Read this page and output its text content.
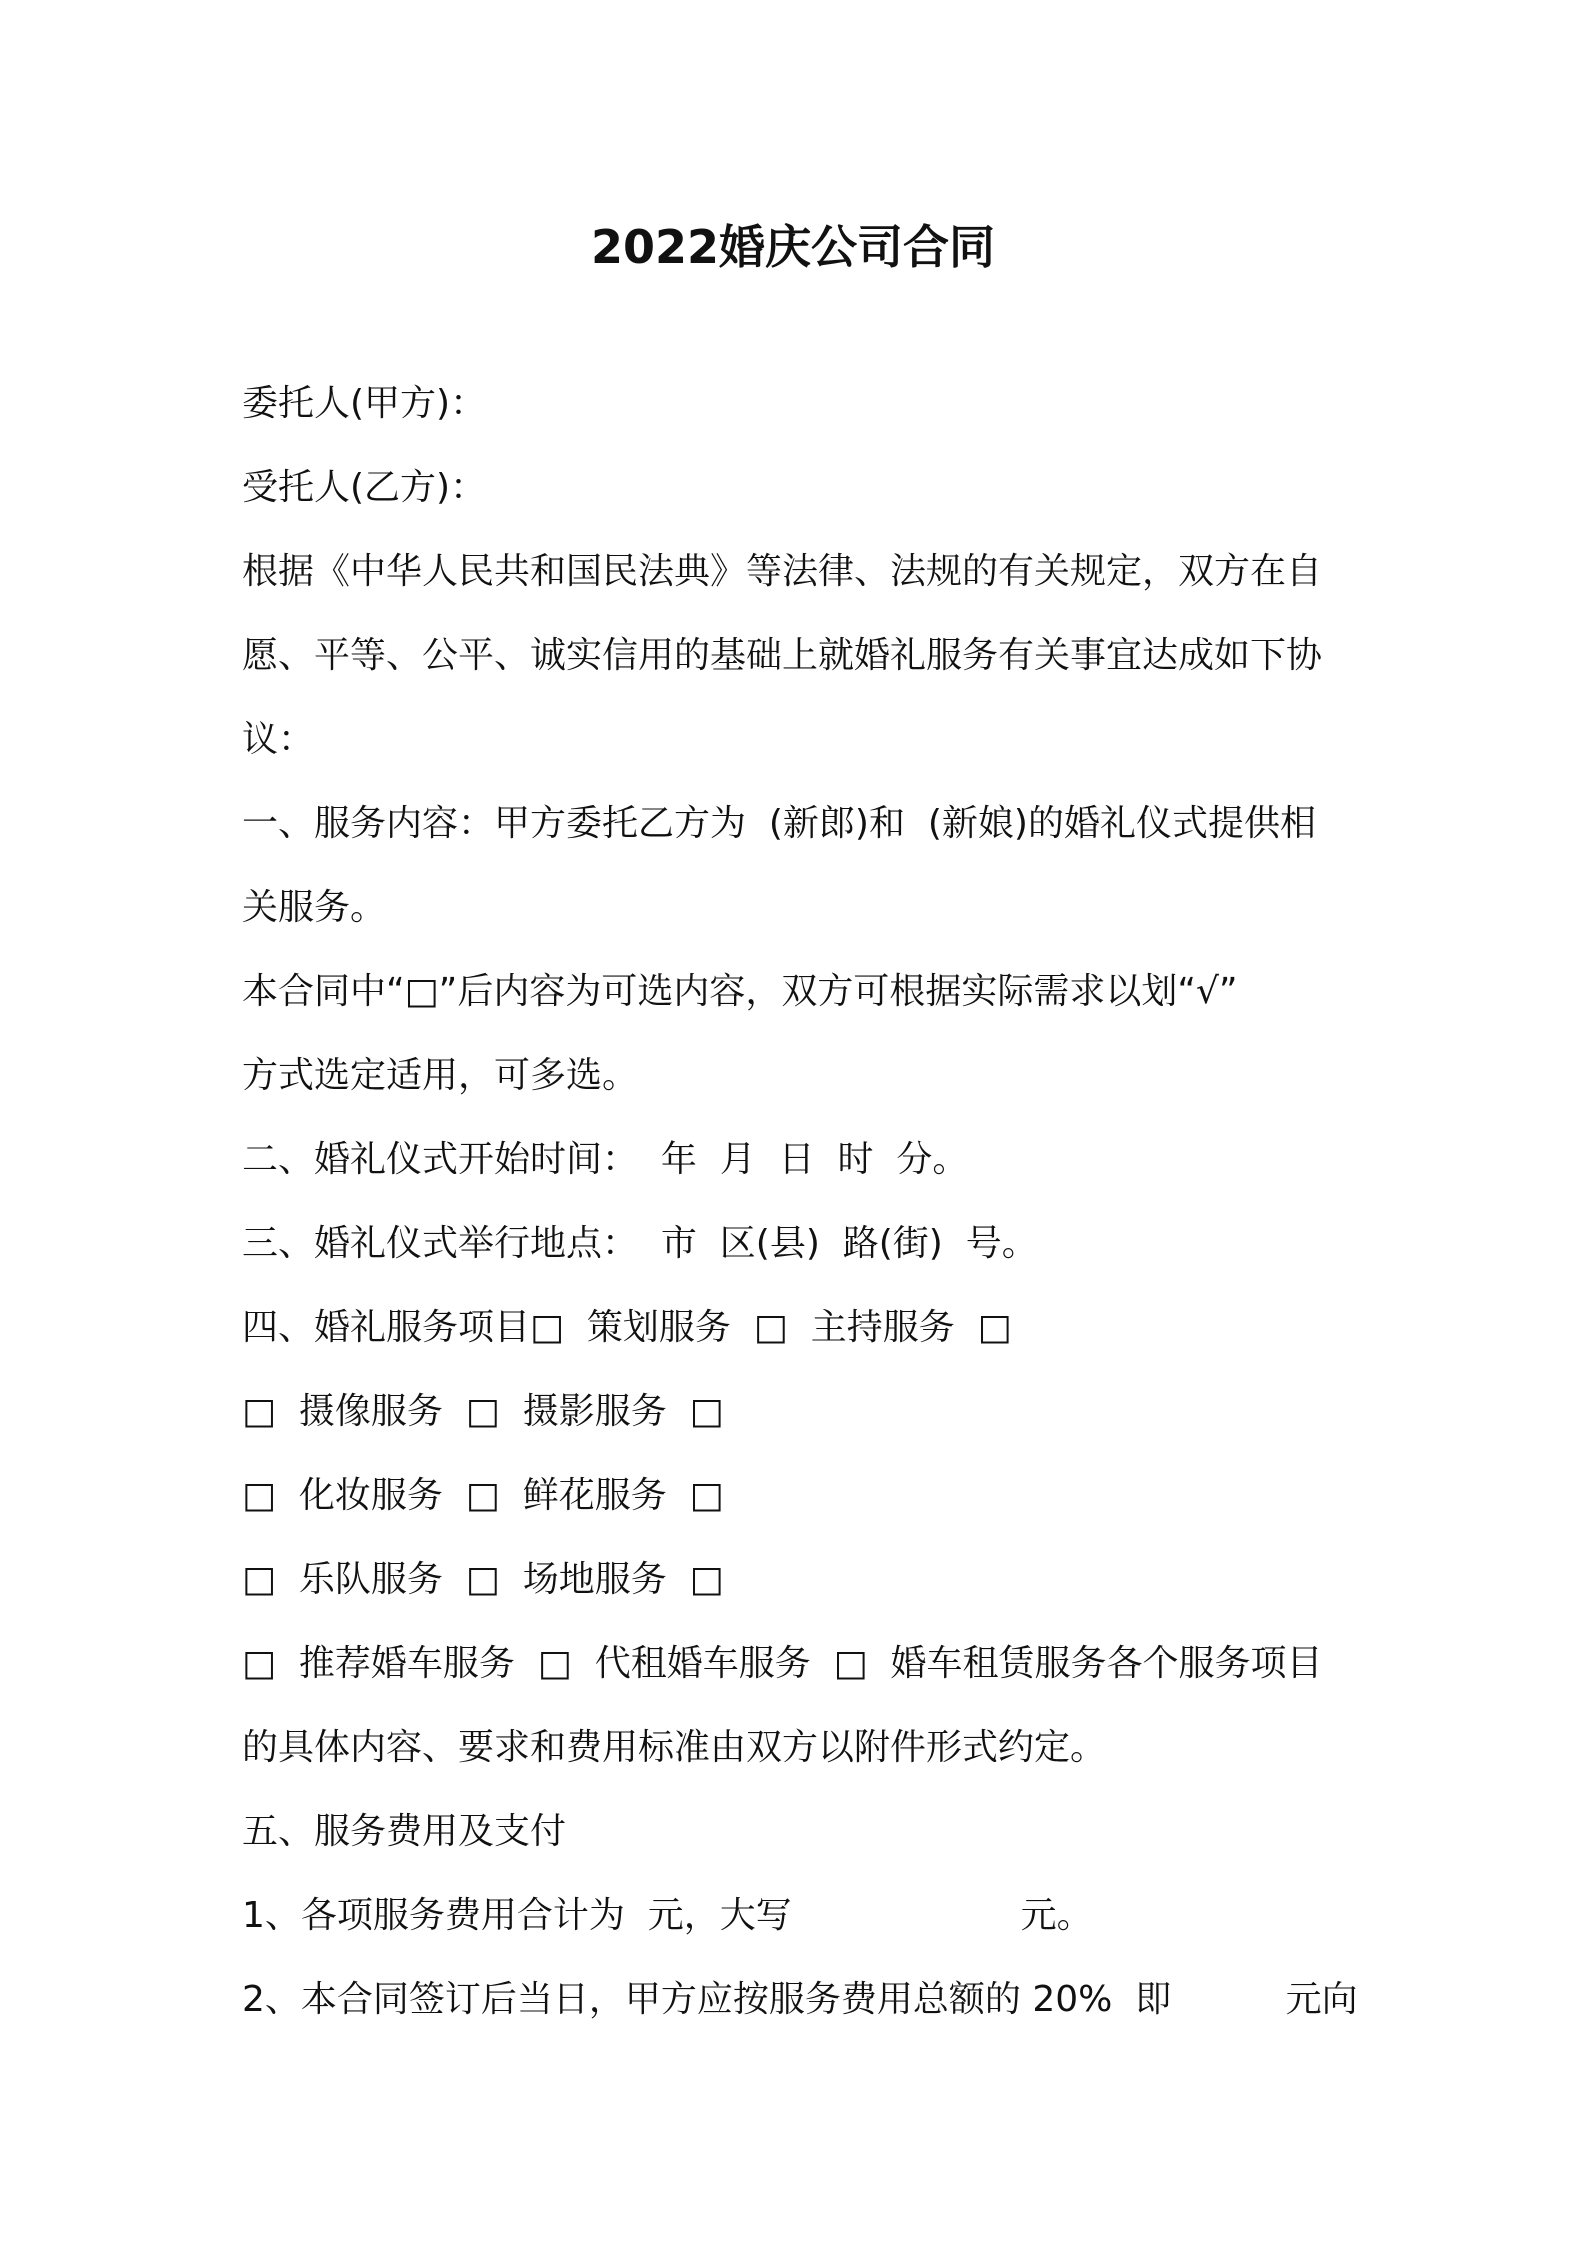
2022婚庆公司合同
委托人(甲方)：
受托人(乙方)：
根据《中华人民共和国民法典》等法律、法规的有关规定，双方在自
愿、平等、公平、诚实信用的基础上就婚礼服务有关事宜达成如下协
议：
一、服务内容：甲方委托乙方为  (新郎)和  (新娘)的婚礼仪式提供相
关服务。
本合同中“□”后内容为可选内容，双方可根据实际需求以划“√”
方式选定适用，可多选。
二、婚礼仪式开始时间：  年  月  日  时  分。
三、婚礼仪式举行地点：  市  区(县)  路(街)  号。
四、婚礼服务项目□  策划服务  □  主持服务  □
□  摄像服务  □  摄影服务  □
□  化妆服务  □  鲜花服务  □
□  乐队服务  □  场地服务  □
□  推荐婚车服务  □  代租婚车服务  □  婚车租赁服务各个服务项目
的具体内容、要求和费用标准由双方以附件形式约定。
五、服务费用及支付
1、各项服务费用合计为  元，大写                    元。
2、本合同签订后当日，甲方应按服务费用总额的 20%  即          元向
